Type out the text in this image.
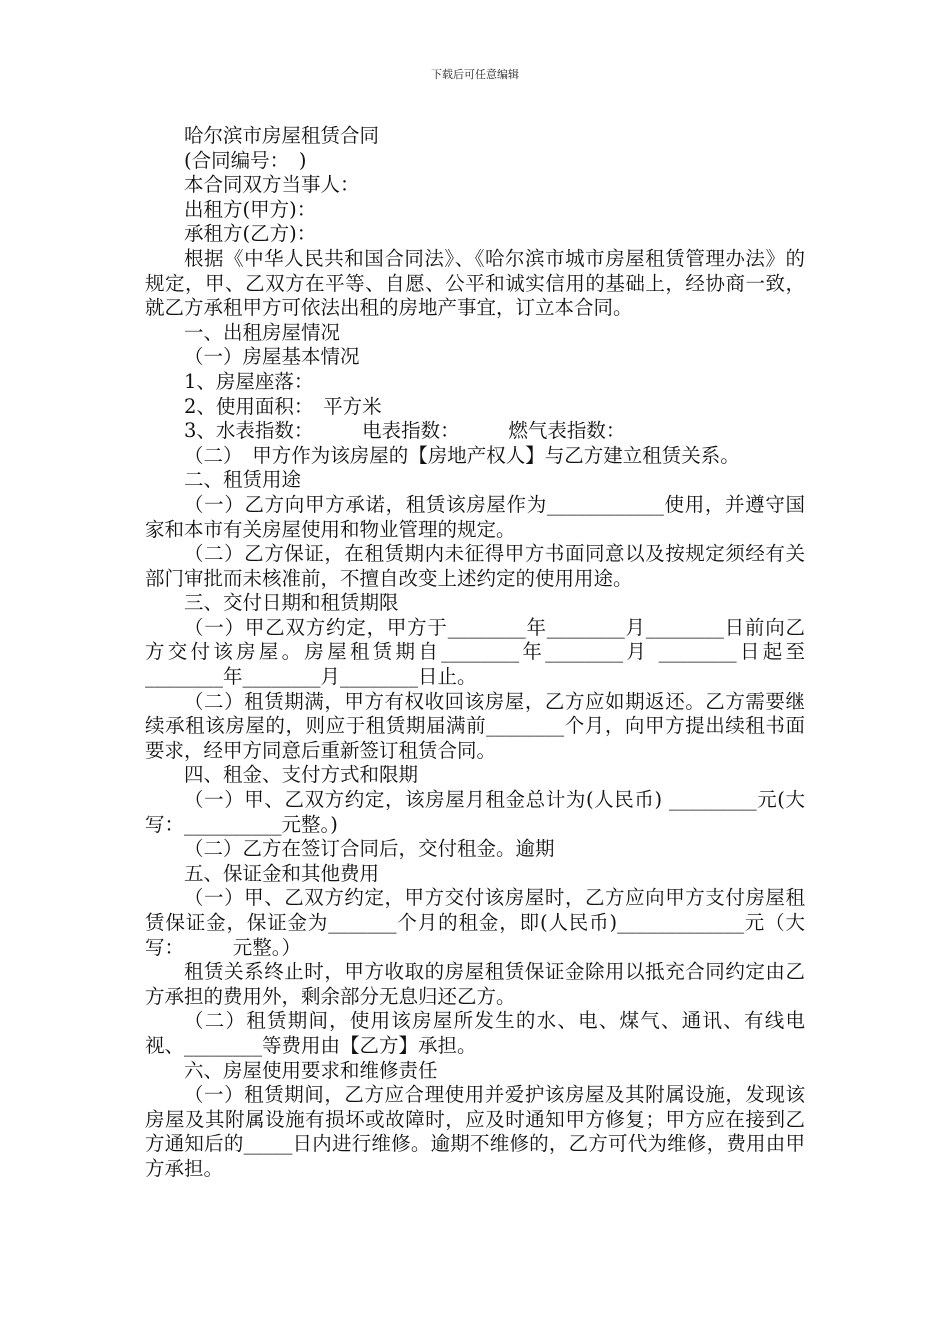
下载后可任意编辑

哈尔滨市房屋租赁合同

(合同编号：　)

本合同双方当事人：

出租方(甲方)：

承租方(乙方)：

根据《中华人民共和国合同法》、《哈尔滨市城市房屋租赁管理办法》的规定，甲、乙双方在平等、自愿、公平和诚实信用的基础上，经协商一致，就乙方承租甲方可依法出租的房地产事宜，订立本合同。

一、出租房屋情况

（一）房屋基本情况

1、房屋座落：

2、使用面积：　平方米

3、水表指数：　　　电表指数：　　　燃气表指数：

（二）　甲方作为该房屋的【房地产权人】与乙方建立租赁关系。

二、租赁用途

（一）乙方向甲方承诺，租赁该房屋作为____________使用，并遵守国家和本市有关房屋使用和物业管理的规定。

（二）乙方保证，在租赁期内未征得甲方书面同意以及按规定须经有关部门审批而未核准前，不擅自改变上述约定的使用用途。

三、交付日期和租赁期限

（一）甲乙双方约定，甲方于________年________月________日前向乙方交付该房屋。房屋租赁期自________年________月 ________日起至________年________月________日止。

（二）租赁期满，甲方有权收回该房屋，乙方应如期返还。乙方需要继续承租该房屋的，则应于租赁期届满前________个月，向甲方提出续租书面要求，经甲方同意后重新签订租赁合同。

四、租金、支付方式和限期

（一）甲、乙双方约定，该房屋月租金总计为(人民币) _________元(大写：__________元整。)

（二）乙方在签订合同后，交付租金。逾期

五、保证金和其他费用

（一）甲、乙双方约定，甲方交付该房屋时，乙方应向甲方支付房屋租赁保证金，保证金为_______个月的租金，即(人民币)_____________元（大写：　　　元整。）

租赁关系终止时，甲方收取的房屋租赁保证金除用以抵充合同约定由乙方承担的费用外，剩余部分无息归还乙方。

（二）租赁期间，使用该房屋所发生的水、电、煤气、通讯、有线电视、________等费用由【乙方】承担。

六、房屋使用要求和维修责任

（一）租赁期间，乙方应合理使用并爱护该房屋及其附属设施，发现该房屋及其附属设施有损坏或故障时，应及时通知甲方修复；甲方应在接到乙方通知后的_____日内进行维修。逾期不维修的，乙方可代为维修，费用由甲方承担。
